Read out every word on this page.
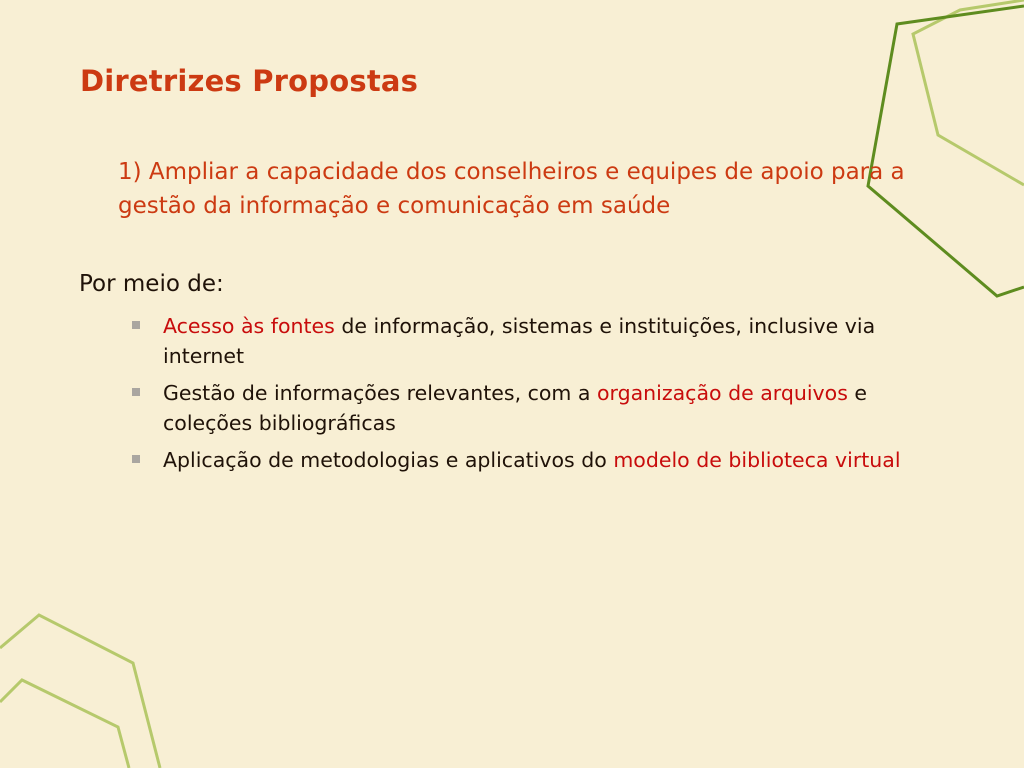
Diretrizes Propostas

1) Ampliar a capacidade dos conselheiros e equipes de apoio para a gestão da informação e comunicação em saúde

Por meio de:

Acesso às fontes de informação, sistemas e instituições, inclusive via internet
Gestão de informações relevantes, com a organização de arquivos e coleções bibliográficas
Aplicação de metodologias e aplicativos do modelo de biblioteca virtual
